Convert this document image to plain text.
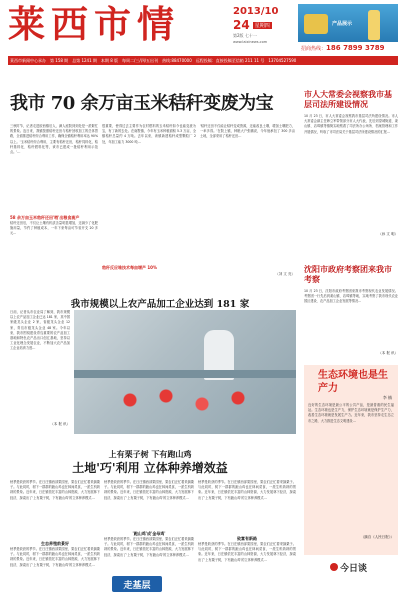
莱西市情	2013/10
24	星期四
第2版 七十一
www.laixinews.com
产品展示
招商热线： 186 7899 3789
莱西市新闻中心承办 第 158 期 总第 1241 期 本期 8 版 每周二/三/四/五出刊 热线:88470000 远程投稿：直接投稿至信箱 211 11 号 13704527590
我市 70 余万亩玉米秸秆变废为宝
三秋时节，记者走进胶西镇后人，满人庭院到到处是一派繁忙的景象。连日来，我镇按照秸秆还田与秸秆回收加工的总体思路，全面推进秸秆综合利用工作，确保全镇秸秆利用率达 90% 以上。'玉米秸秆综合利用，主要有秸秆还田，秸秆饲料化，秸秆基料化、秸秆燃料化等，该市已建成一批秸秆利用示范点。'…
58 余万亩玉米秸秆还田'喂'出粮食高产
秸秆还田后，不仅让土壤有机质含量明显增加，还减少了化肥施用量，节约了种植成本，一年下来每亩可节省开支 20 多元…
很重要，使得过去主要作为农村燃料的玉米秸秆如今也能变废为宝，有了新的去处。在南墅镇，今年有玉米种植面积 5.3 万亩，全镇秸秆总量约 4 万吨。去年以来，该镇新建秸秆成型颗粒厂 2 处，年加工能力 3000 吨…
秸秆反应堆技术每亩增产 10%
'秸秆还田不仅能让秸秆变成资源，还能改良土壤，增加土壤肥力，一举多得。'在院上镇，种粮大户张鹏说，今年他承包了 300 多亩土地，全部采用了秸秆还田…
（刘 文 亮）
市人大常委会视察我市基层司法所建设情况
10 月 23 日，市人大常委会视察我市基层司法所建设情况。市人大常委会副主任韩立军带领部分市人大代表，先后到望城街道、姜山镇、店埠镇等镇街实地察看了司法所办公场所、档案管理和工作开展情况，听取了市司法局关于基层司法所建设情况的汇报…
（孙 文 明）
沈阳市政府考察团来我市考察
10 月 23 日，沈阳市政府考察团来我市考察现代农业发展情况。考察团一行先后到姜山镇、店埠镇等地，实地考察了我市现代农业园区建设、农产品加工企业发展等情况…
（本 报 讯）
我市规模以上农产品加工企业达到 181 家
日前，记者从市农业局了解到，我市规模以上农产品加工企业已达 181 家，其中国家级龙头企业 2 家，省级龙头企业 12 家，青岛市级龙头企业 48 家。今年以来，我市围绕建设青岛重要的农产品加工基地和特色农产品出口创汇基地，坚持以工业化理念发展农业，不断加大农产品加工企业培育力度…
（本 报 讯）
上有栗子树 下有跑山鸡
土地'巧'利用 立体种养增效益
秋季是收获的季节。在日庄镇西部果园里，果农们正忙着采摘栗子。与此同时，树下一群群的跑山鸡也在林间觅食，一派生机勃勃的景象。近年来，日庄镇依托丰富的山林资源，大力发展林下经济，探索出了'上有栗子树，下有跑山鸡'的立体种养模式…
生态养殖前景好
秋季是收获的季节。在日庄镇西部果园里，果农们正忙着采摘栗子。与此同时，树下一群群的跑山鸡也在林间觅食，一派生机勃勃的景象。近年来，日庄镇依托丰富的山林资源，大力发展林下经济，探索出了'上有栗子树，下有跑山鸡'的立体种养模式…
秋季是收获的季节。在日庄镇西部果园里，果农们正忙着采摘栗子。与此同时，树下一群群的跑山鸡也在林间觅食，一派生机勃勃的景象。近年来，日庄镇依托丰富的山林资源，大力发展林下经济，探索出了'上有栗子树，下有跑山鸡'的立体种养模式…
'跑山鸡'成'金母鸡'
秋季是收获的季节。在日庄镇西部果园里，果农们正忙着采摘栗子。与此同时，树下一群群的跑山鸡也在林间觅食，一派生机勃勃的景象。近年来，日庄镇依托丰富的山林资源，大力发展林下经济，探索出了'上有栗子树，下有跑山鸡'的立体种养模式…
秋季是收获的季节。在日庄镇西部果园里，果农们正忙着采摘栗子。与此同时，树下一群群的跑山鸡也在林间觅食，一派生机勃勃的景象。近年来，日庄镇依托丰富的山林资源，大力发展林下经济，探索出了'上有栗子树，下有跑山鸡'的立体种养模式…
致富有新路
秋季是收获的季节。在日庄镇西部果园里，果农们正忙着采摘栗子。与此同时，树下一群群的跑山鸡也在林间觅食，一派生机勃勃的景象。近年来，日庄镇依托丰富的山林资源，大力发展林下经济，探索出了'上有栗子树，下有跑山鸡'的立体种养模式…
生态环境也是生产力
李 楠
良好的生态环境是最公平的公共产品，是最普惠的民生福祉。生态环境也是生产力，保护生态环境就是保护生产力，改善生态环境就是发展生产力。近年来，我市坚持走生态立市之路，大力推进生态文明建设…
（摘自《人民日报》）
走基层
今日谈
